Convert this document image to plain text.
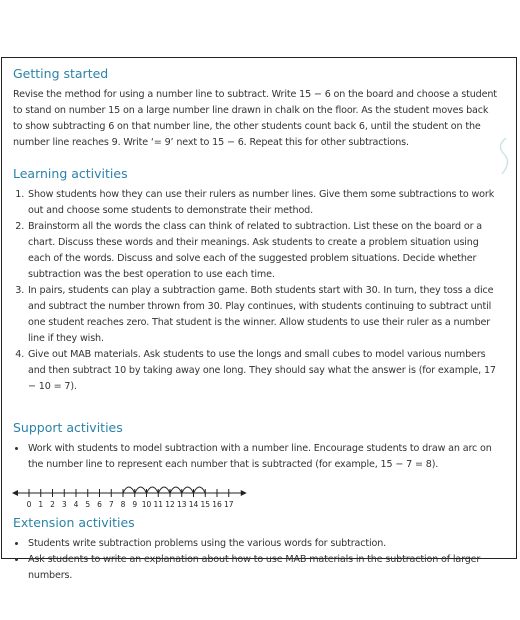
Getting started

Revise the method for using a number line to subtract. Write 15 − 6 on the board and choose a student to stand on number 15 on a large number line drawn in chalk on the floor. As the student moves back to show subtracting 6 on that number line, the other students count back 6, until the student on the number line reaches 9. Write ‘= 9’ next to 15 − 6. Repeat this for other subtractions.

Learning activities
1. Show students how they can use their rulers as number lines. Give them some subtractions to work out and choose some students to demonstrate their method.
2. Brainstorm all the words the class can think of related to subtraction. List these on the board or a chart. Discuss these words and their meanings. Ask students to create a problem situation using each of the words. Discuss and solve each of the suggested problem situations. Decide whether subtraction was the best operation to use each time.
3. In pairs, students can play a subtraction game. Both students start with 30. In turn, they toss a dice and subtract the number thrown from 30. Play continues, with students continuing to subtract until one student reaches zero. That student is the winner. Allow students to use their ruler as a number line if they wish.
4. Give out MAB materials. Ask students to use the longs and small cubes to model various numbers and then subtract 10 by taking away one long. They should say what the answer is (for example, 17 − 10 = 7).
Support activities
• Work with students to model subtraction with a number line. Encourage students to draw an arc on the number line to represent each number that is subtracted (for example, 15 − 7 = 8).
0 1 2 3 4 5 6 7 8 9 10 11 12 13 14 15 16 17
Extension activities
• Students write subtraction problems using the various words for subtraction.
• Ask students to write an explanation about how to use MAB materials in the subtraction of larger numbers.
